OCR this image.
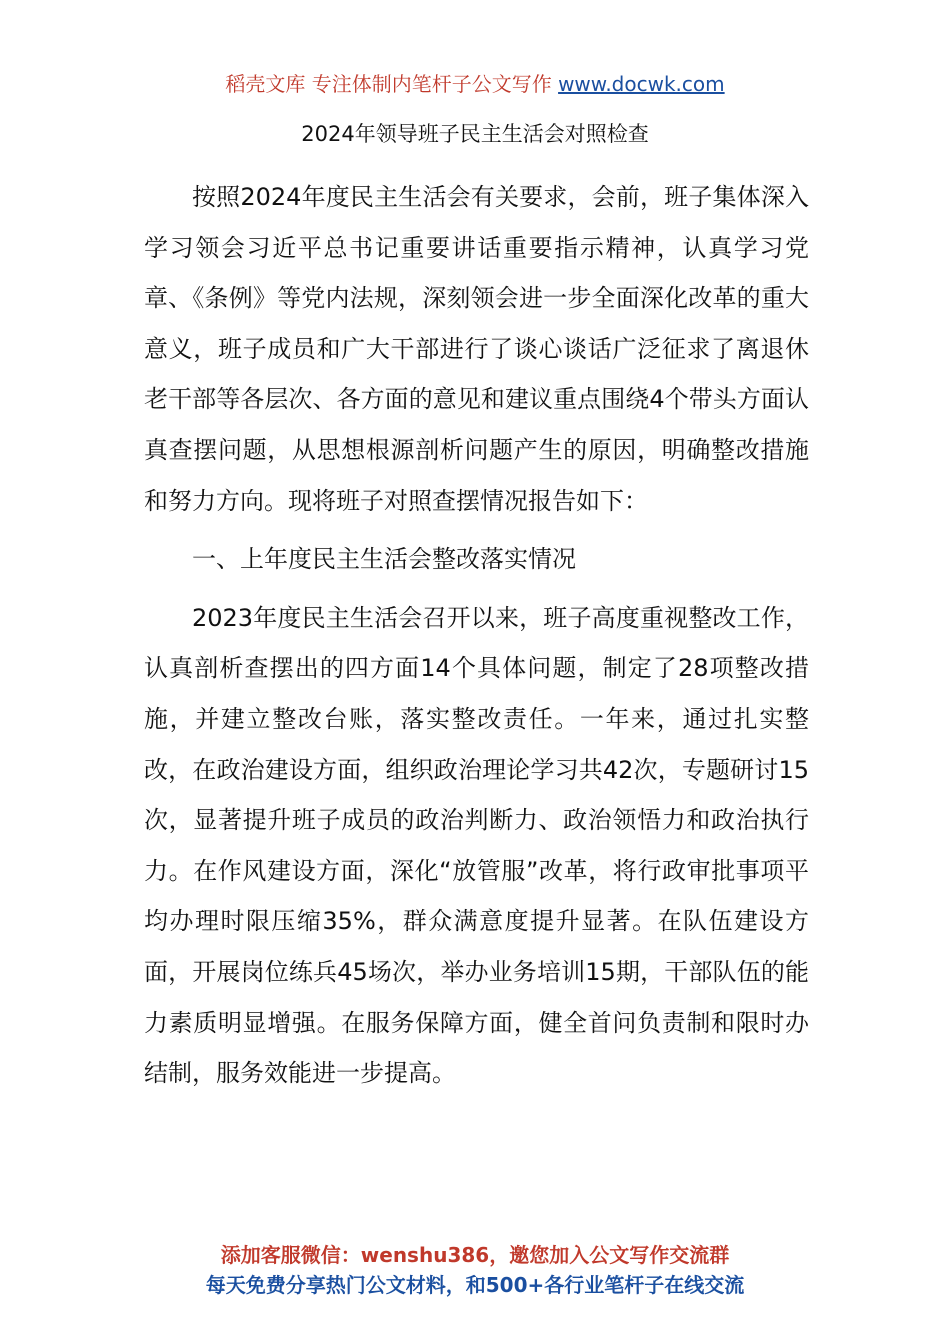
稻壳文库 专注体制内笔杆子公文写作 www.docwk.com
2024年领导班子民主生活会对照检查

按照2024年度民主生活会有关要求，会前，班子集体深入学习领会习近平总书记重要讲话重要指示精神，认真学习党章、《条例》等党内法规，深刻领会进一步全面深化改革的重大意义，班子成员和广大干部进行了谈心谈话广泛征求了离退休老干部等各层次、各方面的意见和建议重点围绕4个带头方面认真查摆问题，从思想根源剖析问题产生的原因，明确整改措施和努力方向。现将班子对照查摆情况报告如下：

一、上年度民主生活会整改落实情况

2023年度民主生活会召开以来，班子高度重视整改工作，认真剖析查摆出的四方面14个具体问题，制定了28项整改措施，并建立整改台账，落实整改责任。一年来，通过扎实整改，在政治建设方面，组织政治理论学习共42次，专题研讨15次，显著提升班子成员的政治判断力、政治领悟力和政治执行力。在作风建设方面，深化“放管服”改革，将行政审批事项平均办理时限压缩35%，群众满意度提升显著。在队伍建设方面，开展岗位练兵45场次，举办业务培训15期，干部队伍的能力素质明显增强。在服务保障方面，健全首问负责制和限时办结制，服务效能进一步提高。

添加客服微信：wenshu386，邀您加入公文写作交流群
每天免费分享热门公文材料，和500+各行业笔杆子在线交流
